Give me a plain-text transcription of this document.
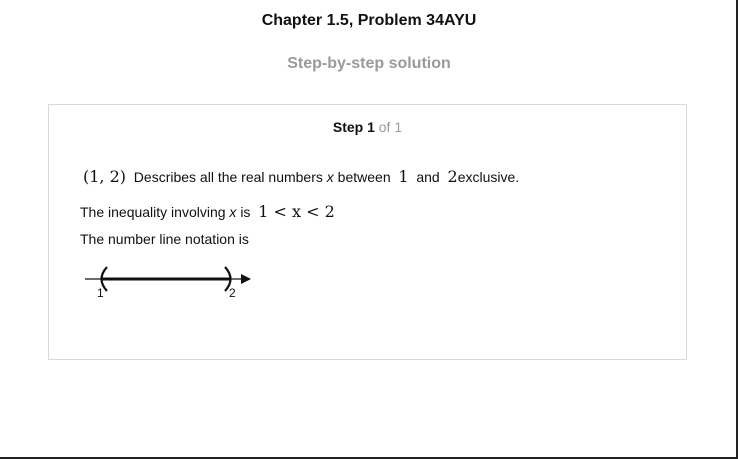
Chapter 1.5, Problem 34AYU
Step-by-step solution
Step 1 of 1
(1, 2) Describes all the real numbers x between 1 and 2exclusive.
The inequality involving x is 1 < x < 2
The number line notation is
1	2
